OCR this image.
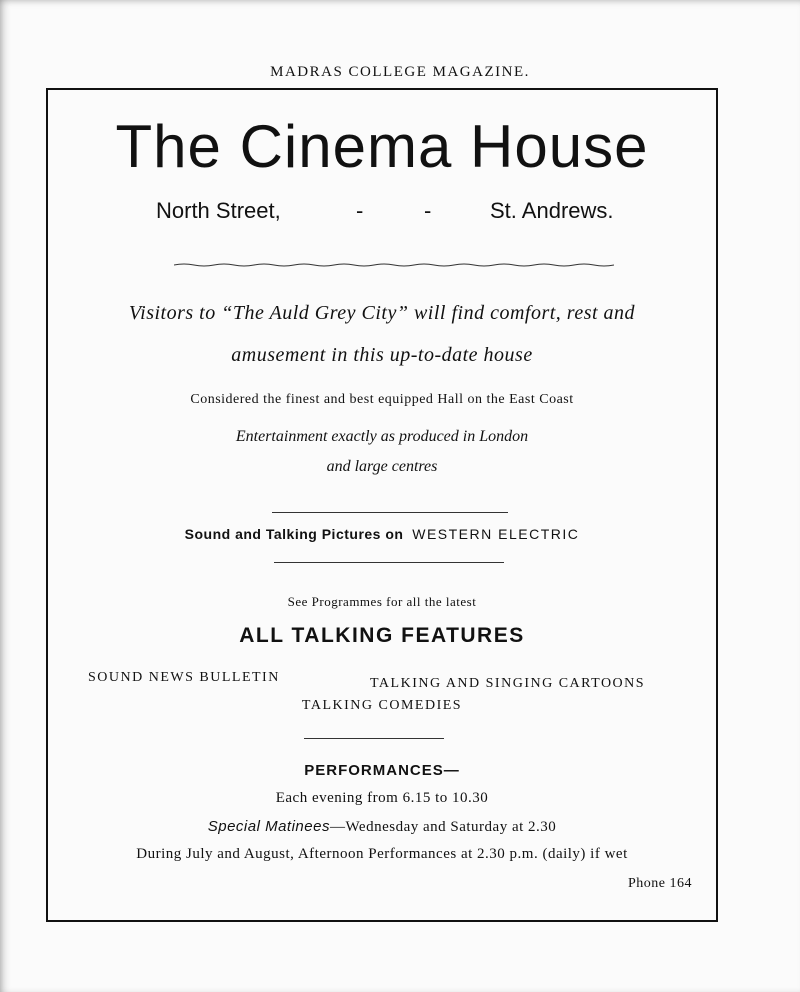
MADRAS COLLEGE MAGAZINE.
The Cinema House
North Street,	-	-	St. Andrews.
Visitors to “The Auld Grey City” will find comfort, rest and
amusement in this up-to-date house
Considered the finest and best equipped Hall on the East Coast
Entertainment exactly as produced in London
and large centres
Sound and Talking Pictures on WESTERN ELECTRIC
See Programmes for all the latest
ALL TALKING FEATURES
SOUND NEWS BULLETIN	TALKING AND SINGING CARTOONS
TALKING COMEDIES
PERFORMANCES—
Each evening from 6.15 to 10.30
Special Matinees—Wednesday and Saturday at 2.30
During July and August, Afternoon Performances at 2.30 p.m. (daily) if wet
Phone 164
